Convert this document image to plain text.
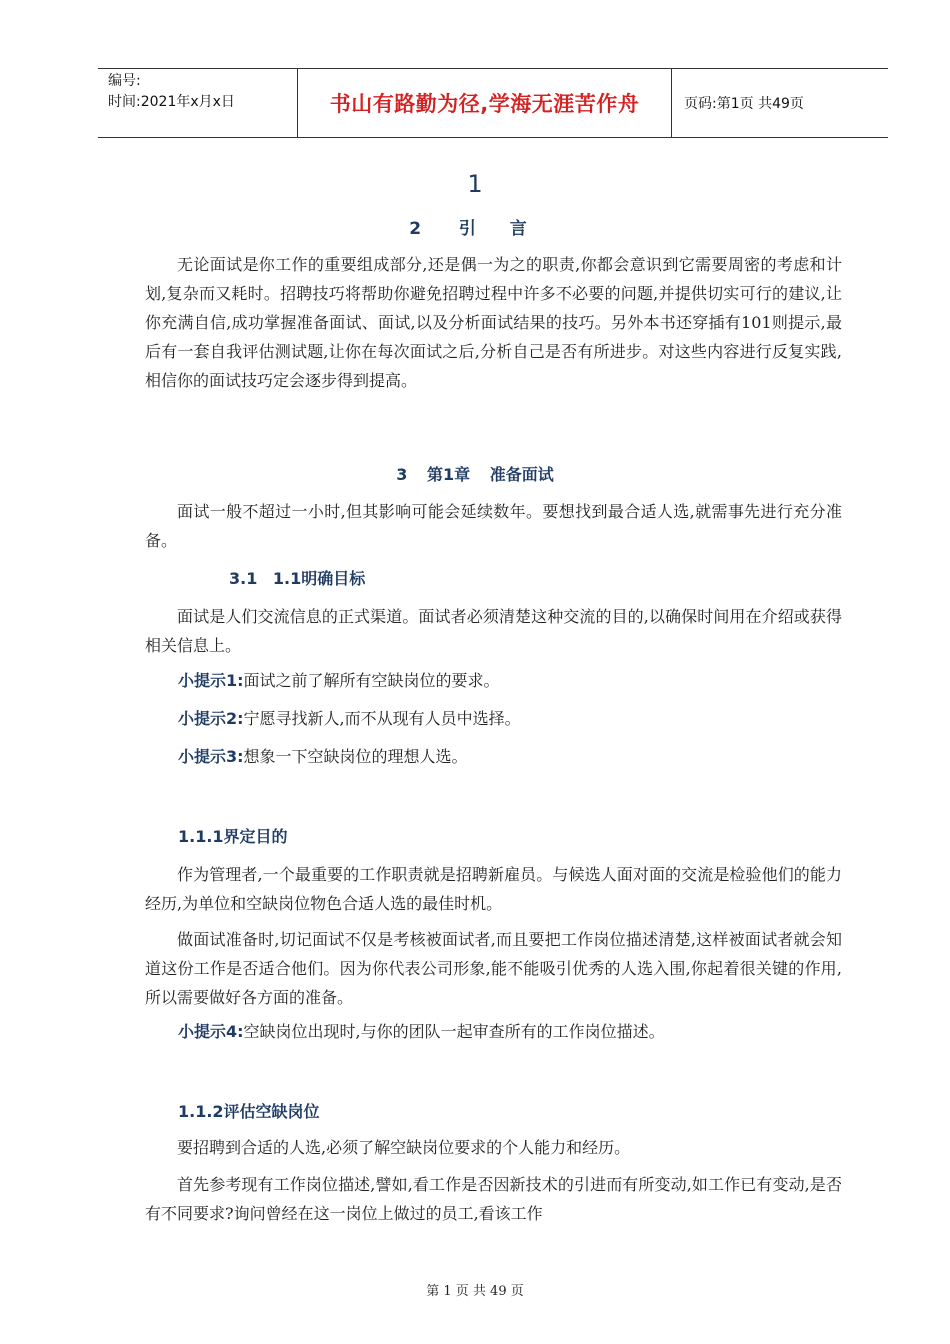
编号:
时间:2021年x月x日	书山有路勤为径,学海无涯苦作舟	页码:第1页 共49页
1
2 引 言

无论面试是你工作的重要组成部分,还是偶一为之的职责,你都会意识到它需要周密的考虑和计划,复杂而又耗时。招聘技巧将帮助你避免招聘过程中许多不必要的问题,并提供切实可行的建议,让你充满自信,成功掌握准备面试、面试,以及分析面试结果的技巧。另外本书还穿插有101则提示,最后有一套自我评估测试题,让你在每次面试之后,分析自己是否有所进步。对这些内容进行反复实践,相信你的面试技巧定会逐步得到提高。

3 第1章 准备面试

面试一般不超过一小时,但其影响可能会延续数年。要想找到最合适人选,就需事先进行充分准备。

3.1 1.1明确目标

面试是人们交流信息的正式渠道。面试者必须清楚这种交流的目的,以确保时间用在介绍或获得相关信息上。

小提示1:面试之前了解所有空缺岗位的要求。
小提示2:宁愿寻找新人,而不从现有人员中选择。
小提示3:想象一下空缺岗位的理想人选。
1.1.1界定目的

作为管理者,一个最重要的工作职责就是招聘新雇员。与候选人面对面的交流是检验他们的能力经历,为单位和空缺岗位物色合适人选的最佳时机。

做面试准备时,切记面试不仅是考核被面试者,而且要把工作岗位描述清楚,这样被面试者就会知道这份工作是否适合他们。因为你代表公司形象,能不能吸引优秀的人选入围,你起着很关键的作用,所以需要做好各方面的准备。

小提示4:空缺岗位出现时,与你的团队一起审查所有的工作岗位描述。
1.1.2评估空缺岗位

要招聘到合适的人选,必须了解空缺岗位要求的个人能力和经历。

首先参考现有工作岗位描述,譬如,看工作是否因新技术的引进而有所变动,如工作已有变动,是否有不同要求?询问曾经在这一岗位上做过的员工,看该工作

第 1 页 共 49 页
